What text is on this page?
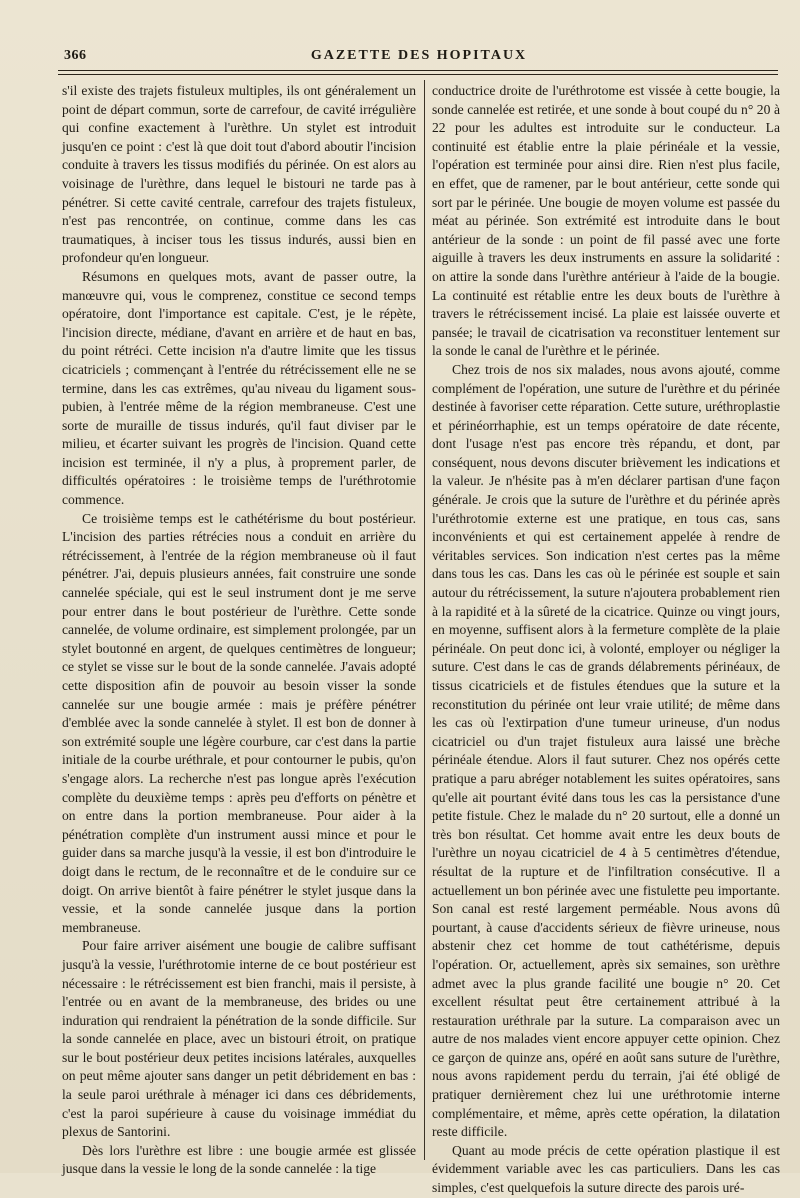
366	GAZETTE DES HOPITAUX

s'il existe des trajets fistuleux multiples, ils ont généralement un point de départ commun, sorte de carrefour, de cavité irrégulière qui confine exactement à l'urèthre. Un stylet est introduit jusqu'en ce point : c'est là que doit tout d'abord aboutir l'incision conduite à travers les tissus modifiés du périnée. On est alors au voisinage de l'urèthre, dans lequel le bistouri ne tarde pas à pénétrer. Si cette cavité centrale, carrefour des trajets fistuleux, n'est pas rencontrée, on continue, comme dans les cas traumatiques, à inciser tous les tissus indurés, aussi bien en profondeur qu'en longueur.

Résumons en quelques mots, avant de passer outre, la manœuvre qui, vous le comprenez, constitue ce second temps opératoire, dont l'importance est capitale. C'est, je le répète, l'incision directe, médiane, d'avant en arrière et de haut en bas, du point rétréci. Cette incision n'a d'autre limite que les tissus cicatriciels ; commençant à l'entrée du rétrécissement elle ne se termine, dans les cas extrêmes, qu'au niveau du ligament sous-pubien, à l'entrée même de la région membraneuse. C'est une sorte de muraille de tissus indurés, qu'il faut diviser par le milieu, et écarter suivant les progrès de l'incision. Quand cette incision est terminée, il n'y a plus, à proprement parler, de difficultés opératoires : le troisième temps de l'uréthrotomie commence.

Ce troisième temps est le cathétérisme du bout postérieur. L'incision des parties rétrécies nous a conduit en arrière du rétrécissement, à l'entrée de la région membraneuse où il faut pénétrer. J'ai, depuis plusieurs années, fait construire une sonde cannelée spéciale, qui est le seul instrument dont je me serve pour entrer dans le bout postérieur de l'urèthre. Cette sonde cannelée, de volume ordinaire, est simplement prolongée, par un stylet boutonné en argent, de quelques centimètres de longueur; ce stylet se visse sur le bout de la sonde cannelée. J'avais adopté cette disposition afin de pouvoir au besoin visser la sonde cannelée sur une bougie armée : mais je préfère pénétrer d'emblée avec la sonde cannelée à stylet. Il est bon de donner à son extrémité souple une légère courbure, car c'est dans la partie initiale de la courbe uréthrale, et pour contourner le pubis, qu'on s'engage alors. La recherche n'est pas longue après l'exécution complète du deuxième temps : après peu d'efforts on pénètre et on entre dans la portion membraneuse. Pour aider à la pénétration complète d'un instrument aussi mince et pour le guider dans sa marche jusqu'à la vessie, il est bon d'introduire le doigt dans le rectum, de le reconnaître et de le conduire sur ce doigt. On arrive bientôt à faire pénétrer le stylet jusque dans la vessie, et la sonde cannelée jusque dans la portion membraneuse.

Pour faire arriver aisément une bougie de calibre suffisant jusqu'à la vessie, l'uréthrotomie interne de ce bout postérieur est nécessaire : le rétrécissement est bien franchi, mais il persiste, à l'entrée ou en avant de la membraneuse, des brides ou une induration qui rendraient la pénétration de la sonde difficile. Sur la sonde cannelée en place, avec un bistouri étroit, on pratique sur le bout postérieur deux petites incisions latérales, auxquelles on peut même ajouter sans danger un petit débridement en bas : la seule paroi uréthrale à ménager ici dans ces débridements, c'est la paroi supérieure à cause du voisinage immédiat du plexus de Santorini.

Dès lors l'urèthre est libre : une bougie armée est glissée jusque dans la vessie le long de la sonde cannelée : la tige

conductrice droite de l'uréthrotome est vissée à cette bougie, la sonde cannelée est retirée, et une sonde à bout coupé du n° 20 à 22 pour les adultes est introduite sur le conducteur. La continuité est établie entre la plaie périnéale et la vessie, l'opération est terminée pour ainsi dire. Rien n'est plus facile, en effet, que de ramener, par le bout antérieur, cette sonde qui sort par le périnée. Une bougie de moyen volume est passée du méat au périnée. Son extrémité est introduite dans le bout antérieur de la sonde : un point de fil passé avec une forte aiguille à travers les deux instruments en assure la solidarité : on attire la sonde dans l'urèthre antérieur à l'aide de la bougie. La continuité est rétablie entre les deux bouts de l'urèthre à travers le rétrécissement incisé. La plaie est laissée ouverte et pansée; le travail de cicatrisation va reconstituer lentement sur la sonde le canal de l'urèthre et le périnée.

Chez trois de nos six malades, nous avons ajouté, comme complément de l'opération, une suture de l'urèthre et du périnée destinée à favoriser cette réparation. Cette suture, uréthroplastie et périnéorrhaphie, est un temps opératoire de date récente, dont l'usage n'est pas encore très répandu, et dont, par conséquent, nous devons discuter brièvement les indications et la valeur. Je n'hésite pas à m'en déclarer partisan d'une façon générale. Je crois que la suture de l'urèthre et du périnée après l'uréthrotomie externe est une pratique, en tous cas, sans inconvénients et qui est certainement appelée à rendre de véritables services. Son indication n'est certes pas la même dans tous les cas. Dans les cas où le périnée est souple et sain autour du rétrécissement, la suture n'ajoutera probablement rien à la rapidité et à la sûreté de la cicatrice. Quinze ou vingt jours, en moyenne, suffisent alors à la fermeture complète de la plaie périnéale. On peut donc ici, à volonté, employer ou négliger la suture. C'est dans le cas de grands délabrements périnéaux, de tissus cicatriciels et de fistules étendues que la suture et la reconstitution du périnée ont leur vraie utilité; de même dans les cas où l'extirpation d'une tumeur urineuse, d'un nodus cicatriciel ou d'un trajet fistuleux aura laissé une brèche périnéale étendue. Alors il faut suturer. Chez nos opérés cette pratique a paru abréger notablement les suites opératoires, sans qu'elle ait pourtant évité dans tous les cas la persistance d'une petite fistule. Chez le malade du n° 20 surtout, elle a donné un très bon résultat. Cet homme avait entre les deux bouts de l'urèthre un noyau cicatriciel de 4 à 5 centimètres d'étendue, résultat de la rupture et de l'infiltration consécutive. Il a actuellement un bon périnée avec une fistulette peu importante. Son canal est resté largement perméable. Nous avons dû pourtant, à cause d'accidents sérieux de fièvre urineuse, nous abstenir chez cet homme de tout cathétérisme, depuis l'opération. Or, actuellement, après six semaines, son urèthre admet avec la plus grande facilité une bougie n° 20. Cet excellent résultat peut être certainement attribué à la restauration uréthrale par la suture. La comparaison avec un autre de nos malades vient encore appuyer cette opinion. Chez ce garçon de quinze ans, opéré en août sans suture de l'urèthre, nous avons rapidement perdu du terrain, j'ai été obligé de pratiquer dernièrement chez lui une uréthrotomie interne complémentaire, et même, après cette opération, la dilatation reste difficile.

Quant au mode précis de cette opération plastique il est évidemment variable avec les cas particuliers. Dans les cas simples, c'est quelquefois la suture directe des parois uré-
